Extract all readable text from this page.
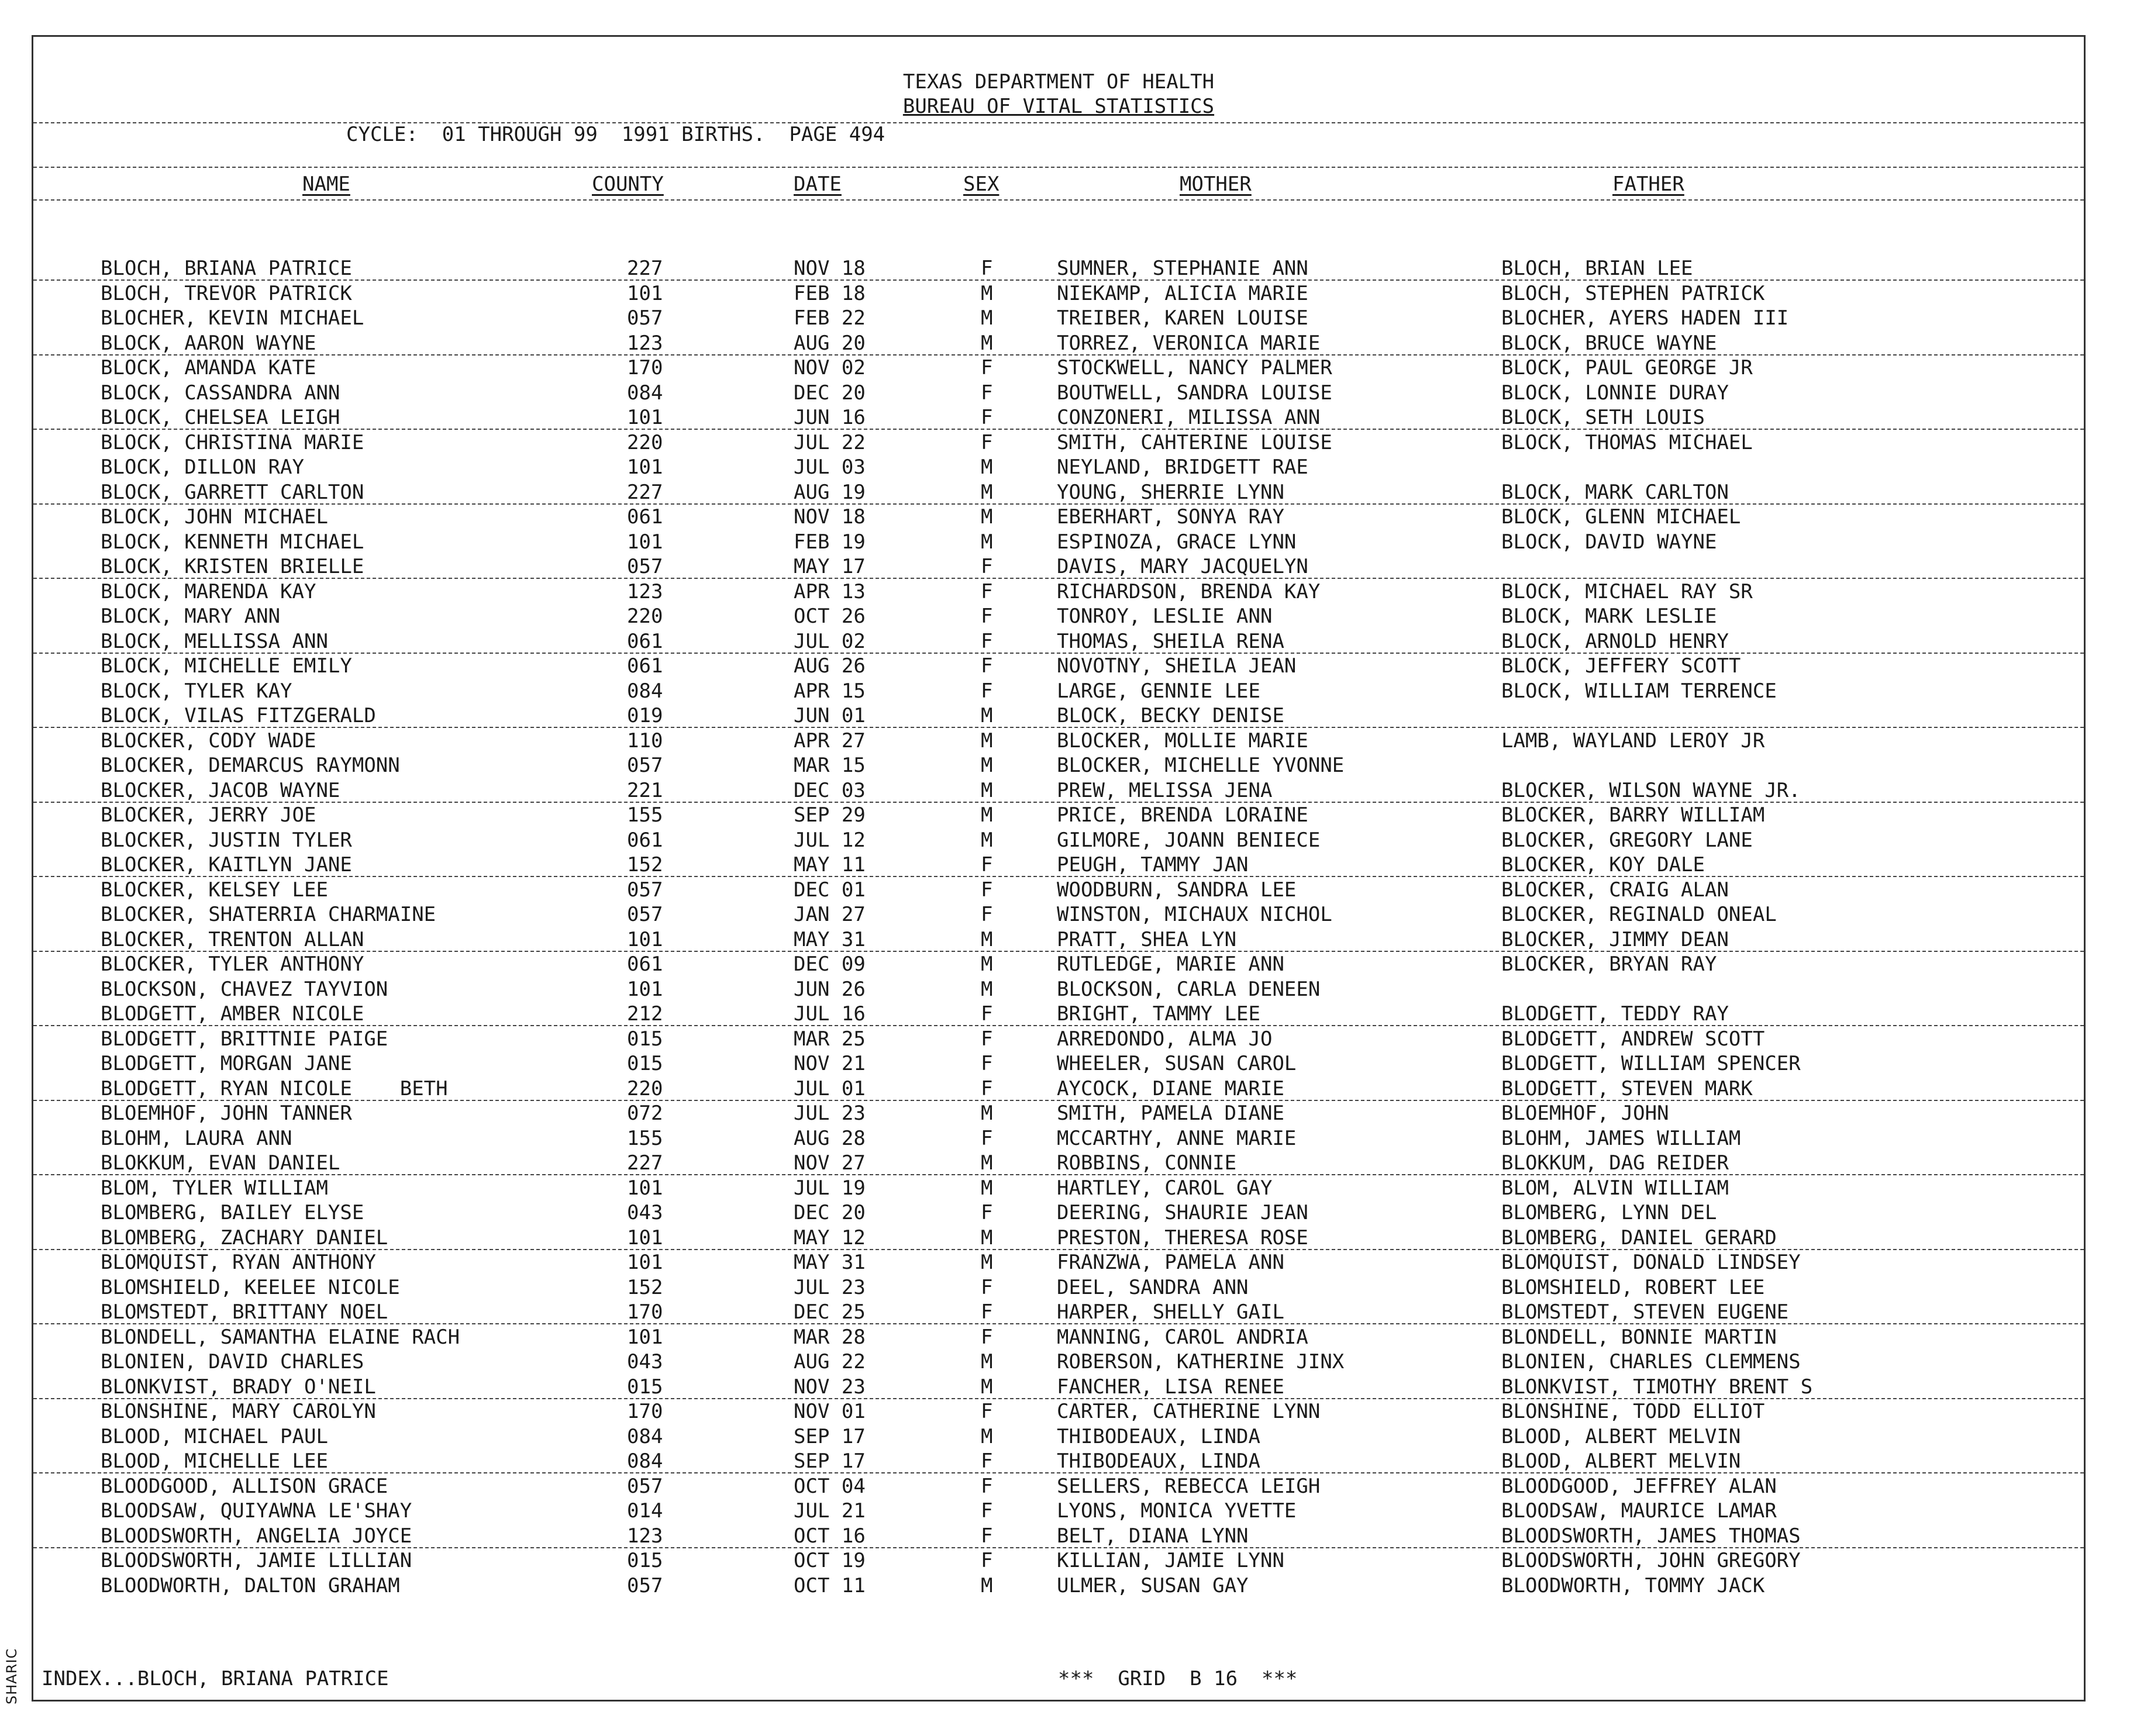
TEXAS DEPARTMENT OF HEALTH
BUREAU OF VITAL STATISTICS
CYCLE:  01 THROUGH 99  1991 BIRTHS.  PAGE 494
NAME	COUNTY	DATE	SEX	MOTHER	FATHER
BLOCH, BRIANA PATRICE	227	NOV 18	F	SUMNER, STEPHANIE ANN	BLOCH, BRIAN LEE
BLOCH, TREVOR PATRICK	101	FEB 18	M	NIEKAMP, ALICIA MARIE	BLOCH, STEPHEN PATRICK
BLOCHER, KEVIN MICHAEL	057	FEB 22	M	TREIBER, KAREN LOUISE	BLOCHER, AYERS HADEN III
BLOCK, AARON WAYNE	123	AUG 20	M	TORREZ, VERONICA MARIE	BLOCK, BRUCE WAYNE
BLOCK, AMANDA KATE	170	NOV 02	F	STOCKWELL, NANCY PALMER	BLOCK, PAUL GEORGE JR
BLOCK, CASSANDRA ANN	084	DEC 20	F	BOUTWELL, SANDRA LOUISE	BLOCK, LONNIE DURAY
BLOCK, CHELSEA LEIGH	101	JUN 16	F	CONZONERI, MILISSA ANN	BLOCK, SETH LOUIS
BLOCK, CHRISTINA MARIE	220	JUL 22	F	SMITH, CAHTERINE LOUISE	BLOCK, THOMAS MICHAEL
BLOCK, DILLON RAY	101	JUL 03	M	NEYLAND, BRIDGETT RAE
BLOCK, GARRETT CARLTON	227	AUG 19	M	YOUNG, SHERRIE LYNN	BLOCK, MARK CARLTON
BLOCK, JOHN MICHAEL	061	NOV 18	M	EBERHART, SONYA RAY	BLOCK, GLENN MICHAEL
BLOCK, KENNETH MICHAEL	101	FEB 19	M	ESPINOZA, GRACE LYNN	BLOCK, DAVID WAYNE
BLOCK, KRISTEN BRIELLE	057	MAY 17	F	DAVIS, MARY JACQUELYN
BLOCK, MARENDA KAY	123	APR 13	F	RICHARDSON, BRENDA KAY	BLOCK, MICHAEL RAY SR
BLOCK, MARY ANN	220	OCT 26	F	TONROY, LESLIE ANN	BLOCK, MARK LESLIE
BLOCK, MELLISSA ANN	061	JUL 02	F	THOMAS, SHEILA RENA	BLOCK, ARNOLD HENRY
BLOCK, MICHELLE EMILY	061	AUG 26	F	NOVOTNY, SHEILA JEAN	BLOCK, JEFFERY SCOTT
BLOCK, TYLER KAY	084	APR 15	F	LARGE, GENNIE LEE	BLOCK, WILLIAM TERRENCE
BLOCK, VILAS FITZGERALD	019	JUN 01	M	BLOCK, BECKY DENISE
BLOCKER, CODY WADE	110	APR 27	M	BLOCKER, MOLLIE MARIE	LAMB, WAYLAND LEROY JR
BLOCKER, DEMARCUS RAYMONN	057	MAR 15	M	BLOCKER, MICHELLE YVONNE
BLOCKER, JACOB WAYNE	221	DEC 03	M	PREW, MELISSA JENA	BLOCKER, WILSON WAYNE JR.
BLOCKER, JERRY JOE	155	SEP 29	M	PRICE, BRENDA LORAINE	BLOCKER, BARRY WILLIAM
BLOCKER, JUSTIN TYLER	061	JUL 12	M	GILMORE, JOANN BENIECE	BLOCKER, GREGORY LANE
BLOCKER, KAITLYN JANE	152	MAY 11	F	PEUGH, TAMMY JAN	BLOCKER, KOY DALE
BLOCKER, KELSEY LEE	057	DEC 01	F	WOODBURN, SANDRA LEE	BLOCKER, CRAIG ALAN
BLOCKER, SHATERRIA CHARMAINE	057	JAN 27	F	WINSTON, MICHAUX NICHOL	BLOCKER, REGINALD ONEAL
BLOCKER, TRENTON ALLAN	101	MAY 31	M	PRATT, SHEA LYN	BLOCKER, JIMMY DEAN
BLOCKER, TYLER ANTHONY	061	DEC 09	M	RUTLEDGE, MARIE ANN	BLOCKER, BRYAN RAY
BLOCKSON, CHAVEZ TAYVION	101	JUN 26	M	BLOCKSON, CARLA DENEEN
BLODGETT, AMBER NICOLE	212	JUL 16	F	BRIGHT, TAMMY LEE	BLODGETT, TEDDY RAY
BLODGETT, BRITTNIE PAIGE	015	MAR 25	F	ARREDONDO, ALMA JO	BLODGETT, ANDREW SCOTT
BLODGETT, MORGAN JANE	015	NOV 21	F	WHEELER, SUSAN CAROL	BLODGETT, WILLIAM SPENCER
BLODGETT, RYAN NICOLE    BETH	220	JUL 01	F	AYCOCK, DIANE MARIE	BLODGETT, STEVEN MARK
BLOEMHOF, JOHN TANNER	072	JUL 23	M	SMITH, PAMELA DIANE	BLOEMHOF, JOHN
BLOHM, LAURA ANN	155	AUG 28	F	MCCARTHY, ANNE MARIE	BLOHM, JAMES WILLIAM
BLOKKUM, EVAN DANIEL	227	NOV 27	M	ROBBINS, CONNIE	BLOKKUM, DAG REIDER
BLOM, TYLER WILLIAM	101	JUL 19	M	HARTLEY, CAROL GAY	BLOM, ALVIN WILLIAM
BLOMBERG, BAILEY ELYSE	043	DEC 20	F	DEERING, SHAURIE JEAN	BLOMBERG, LYNN DEL
BLOMBERG, ZACHARY DANIEL	101	MAY 12	M	PRESTON, THERESA ROSE	BLOMBERG, DANIEL GERARD
BLOMQUIST, RYAN ANTHONY	101	MAY 31	M	FRANZWA, PAMELA ANN	BLOMQUIST, DONALD LINDSEY
BLOMSHIELD, KEELEE NICOLE	152	JUL 23	F	DEEL, SANDRA ANN	BLOMSHIELD, ROBERT LEE
BLOMSTEDT, BRITTANY NOEL	170	DEC 25	F	HARPER, SHELLY GAIL	BLOMSTEDT, STEVEN EUGENE
BLONDELL, SAMANTHA ELAINE RACH	101	MAR 28	F	MANNING, CAROL ANDRIA	BLONDELL, BONNIE MARTIN
BLONIEN, DAVID CHARLES	043	AUG 22	M	ROBERSON, KATHERINE JINX	BLONIEN, CHARLES CLEMMENS
BLONKVIST, BRADY O'NEIL	015	NOV 23	M	FANCHER, LISA RENEE	BLONKVIST, TIMOTHY BRENT S
BLONSHINE, MARY CAROLYN	170	NOV 01	F	CARTER, CATHERINE LYNN	BLONSHINE, TODD ELLIOT
BLOOD, MICHAEL PAUL	084	SEP 17	M	THIBODEAUX, LINDA	BLOOD, ALBERT MELVIN
BLOOD, MICHELLE LEE	084	SEP 17	F	THIBODEAUX, LINDA	BLOOD, ALBERT MELVIN
BLOODGOOD, ALLISON GRACE	057	OCT 04	F	SELLERS, REBECCA LEIGH	BLOODGOOD, JEFFREY ALAN
BLOODSAW, QUIYAWNA LE'SHAY	014	JUL 21	F	LYONS, MONICA YVETTE	BLOODSAW, MAURICE LAMAR
BLOODSWORTH, ANGELIA JOYCE	123	OCT 16	F	BELT, DIANA LYNN	BLOODSWORTH, JAMES THOMAS
BLOODSWORTH, JAMIE LILLIAN	015	OCT 19	F	KILLIAN, JAMIE LYNN	BLOODSWORTH, JOHN GREGORY
BLOODWORTH, DALTON GRAHAM	057	OCT 11	M	ULMER, SUSAN GAY	BLOODWORTH, TOMMY JACK
INDEX...BLOCH, BRIANA PATRICE	***  GRID  B 16  ***
SHARIC
